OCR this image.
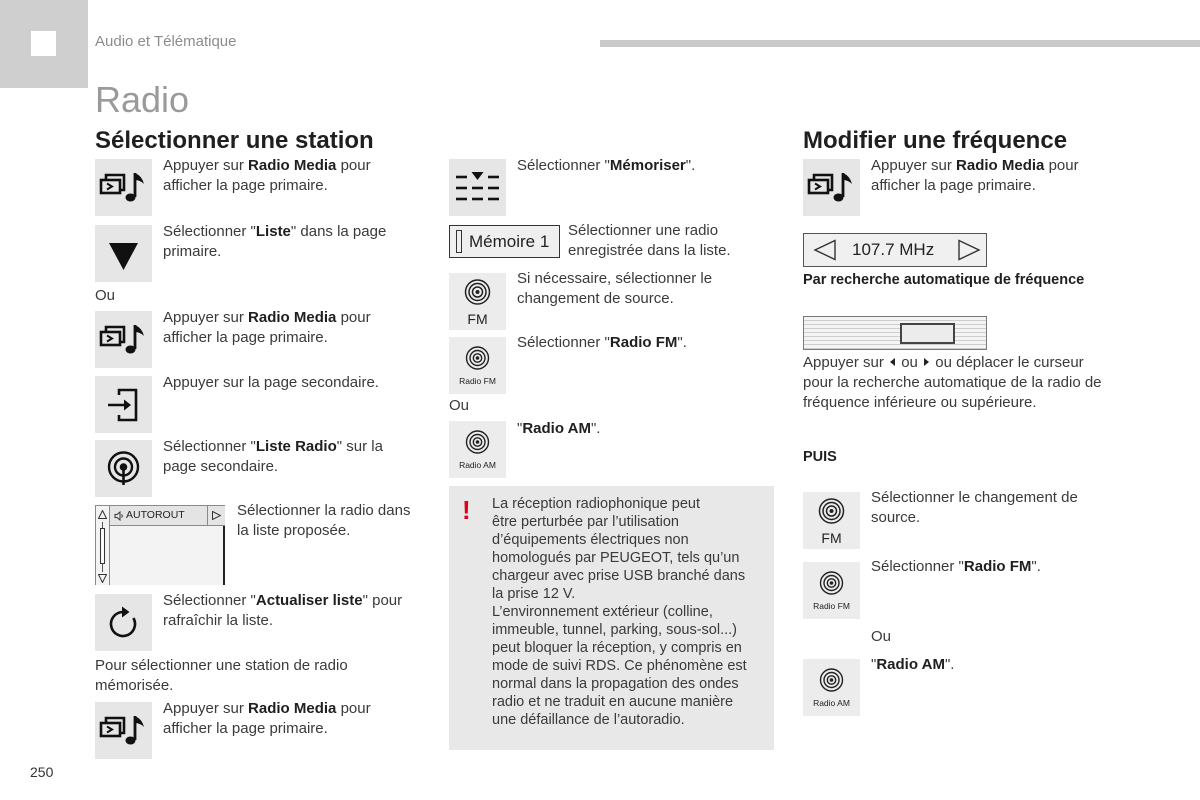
Audio et Télématique
Radio
Sélectionner une station
Appuyer sur Radio Media pour
afficher la page primaire.
Sélectionner "Liste" dans la page
primaire.
Ou
Appuyer sur Radio Media pour
afficher la page primaire.
Appuyer sur la page secondaire.
Sélectionner "Liste Radio" sur la
page secondaire.
AUTOROUT	Sélectionner la radio dans
la liste proposée.
Sélectionner "Actualiser liste" pour
rafraîchir la liste.
Pour sélectionner une station de radio
mémorisée.
Appuyer sur Radio Media pour
afficher la page primaire.
250
Sélectionner "Mémoriser".
Mémoire 1
Sélectionner une radio
enregistrée dans la liste.
FM
Si nécessaire, sélectionner le
changement de source.
Radio FM
Sélectionner "Radio FM".
Ou
Radio AM
"Radio AM".
! La réception radiophonique peut
être perturbée par l’utilisation
d’équipements électriques non
homologués par PEUGEOT, tels qu’un
chargeur avec prise USB branché dans
la prise 12 V.
L’environnement extérieur (colline,
immeuble, tunnel, parking, sous-sol...)
peut bloquer la réception, y compris en
mode de suivi RDS. Ce phénomène est
normal dans la propagation des ondes
radio et ne traduit en aucune manière
une défaillance de l’autoradio.
Modifier une fréquence
Appuyer sur Radio Media pour
afficher la page primaire.
107.7 MHz
Par recherche automatique de fréquence
Appuyer sur  ou  ou déplacer le curseur
pour la recherche automatique de la radio de
fréquence inférieure ou supérieure.
PUIS
FM
Sélectionner le changement de
source.
Radio FM
Sélectionner "Radio FM".
Ou
Radio AM
"Radio AM".
